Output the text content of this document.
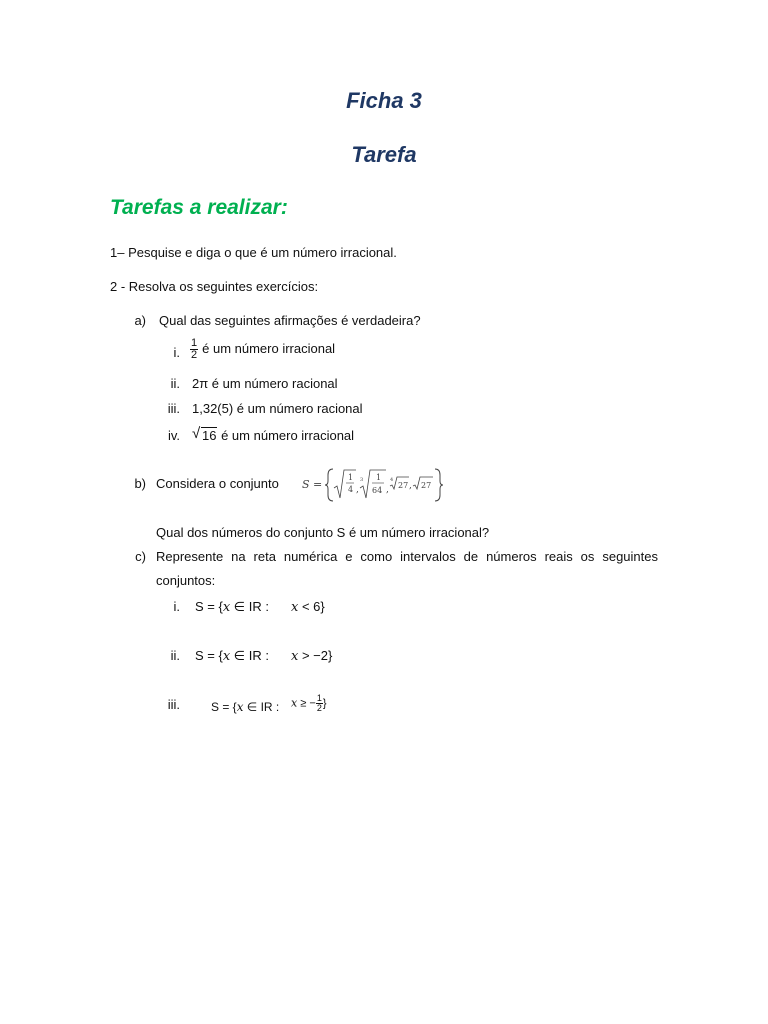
Ficha 3
Tarefa
Tarefas a realizar:
1– Pesquise e diga o que é um número irracional.
2 - Resolva os seguintes exercícios:
a) Qual das seguintes afirmações é verdadeira?
i. $\frac{1}{2}$ é um número irracional
ii. 2π é um número racional
iii. 1,32(5) é um número racional
iv. √ 16 é um número irracional
b) Considera o conjunto S =
1
4 ,
3 1
64 ,
4
27 , 27
Qual dos números do conjunto S é um número irracional?
c) Represente na reta numérica e como intervalos de números reais os seguintes conjuntos:
i. S = {x ∈ IR : x < 6}
ii. S = {x ∈ IR : x > −2}
iii.	S = {x ∈ IR : x ≥ − $\frac{1}{2}$ }
